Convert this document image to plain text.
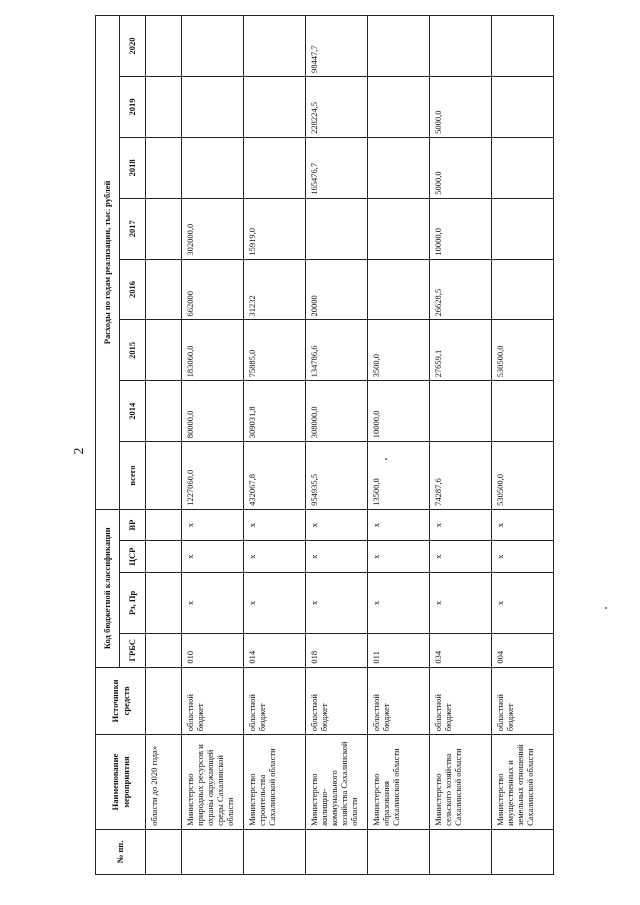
2
№ пп.	Наименование мероприятия	Источники средств	Код бюджетной классификации				Расходы по годам реализации, тыс. рублей							
			ГРБС	Рз, Пр	ЦСР	ВР	всего	2014	2015	2016	2017	2018	2019	2020
	области до 2020 года»													
	Министерство природных ресурсов и охраны окружающей среды Сахалинской области	областной бюджет	010	х	х	х	1227060,0	80000,0	183060,0	662000	302000,0			
	Министерство строительства Сахалинской области	областной бюджет	014	х	х	х	432067,8	309031,8	75885,0	31232	15919,0			
	Министерство жилищно-коммунального хозяйства Сахалинской области	областной бюджет	018	х	х	х	954935,5	308000,0	134786,6	20000		165476,7	228224,5	98447,7
	Министерство образования Сахалинской области	областной бюджет	011	х	х	х	13500,0	10000,0	3500,0					
	Министерство сельского хозяйства Сахалинской области	областной бюджет	034	х	х	х	74287,6		27659,1	26628,5	10000,0	5000,0	5000,0	
	Министерство имущественных и земельных отношений Сахалинской области	областной бюджет	004	х	х	х	530500,0		530500,0					
